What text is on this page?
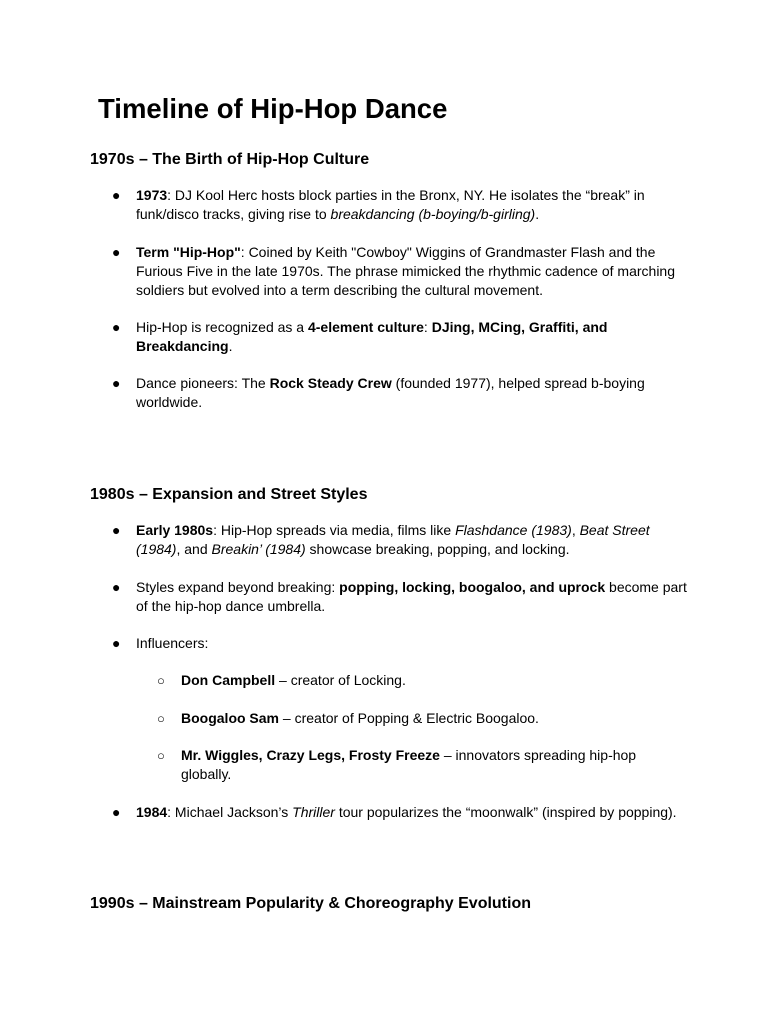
Timeline of Hip-Hop Dance
1970s – The Birth of Hip-Hop Culture
● 1973: DJ Kool Herc hosts block parties in the Bronx, NY. He isolates the “break” in funk/disco tracks, giving rise to breakdancing (b-boying/b-girling).
● Term "Hip-Hop": Coined by Keith "Cowboy" Wiggins of Grandmaster Flash and the Furious Five in the late 1970s. The phrase mimicked the rhythmic cadence of marching soldiers but evolved into a term describing the cultural movement.
● Hip-Hop is recognized as a 4-element culture: DJing, MCing, Graffiti, and Breakdancing.
● Dance pioneers: The Rock Steady Crew (founded 1977), helped spread b-boying worldwide.
1980s – Expansion and Street Styles
● Early 1980s: Hip-Hop spreads via media, films like Flashdance (1983), Beat Street (1984), and Breakin’ (1984) showcase breaking, popping, and locking.
● Styles expand beyond breaking: popping, locking, boogaloo, and uprock become part of the hip-hop dance umbrella.
● Influencers:
○ Don Campbell – creator of Locking.
○ Boogaloo Sam – creator of Popping & Electric Boogaloo.
○ Mr. Wiggles, Crazy Legs, Frosty Freeze – innovators spreading hip-hop globally.
● 1984: Michael Jackson’s Thriller tour popularizes the “moonwalk” (inspired by popping).
1990s – Mainstream Popularity & Choreography Evolution
